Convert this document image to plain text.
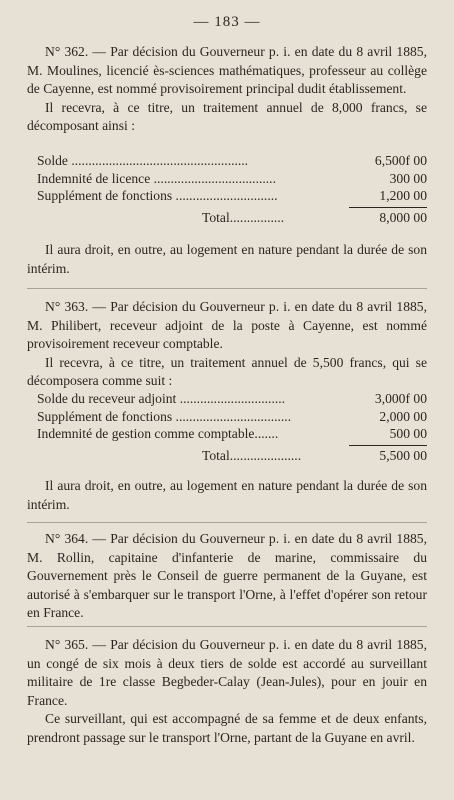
— 183 —

N° 362. — Par décision du Gouverneur p. i. en date du 8 avril 1885, M. Moulines, licencié ès-sciences mathématiques, professeur au collège de Cayenne, est nommé provisoirement principal dudit établissement.

Il recevra, à ce titre, un traitement annuel de 8,000 francs, se décomposant ainsi :

Solde ....................................................	6,500f 00
Indemnité de licence ....................................	300 00
Supplément de fonctions ..............................	1,200 00
Total................	8,000 00

Il aura droit, en outre, au logement en nature pendant la durée de son intérim.

N° 363. — Par décision du Gouverneur p. i. en date du 8 avril 1885, M. Philibert, receveur adjoint de la poste à Cayenne, est nommé provisoirement receveur comptable.

Il recevra, à ce titre, un traitement annuel de 5,500 francs, qui se décomposera comme suit :

Solde du receveur adjoint ...............................	3,000f 00
Supplément de fonctions ..................................	2,000 00
Indemnité de gestion comme comptable.......	500 00
Total.....................	5,500 00

Il aura droit, en outre, au logement en nature pendant la durée de son intérim.

N° 364. — Par décision du Gouverneur p. i. en date du 8 avril 1885, M. Rollin, capitaine d'infanterie de marine, commissaire du Gouvernement près le Conseil de guerre permanent de la Guyane, est autorisé à s'embarquer sur le transport l'Orne, à l'effet d'opérer son retour en France.

N° 365. — Par décision du Gouverneur p. i. en date du 8 avril 1885, un congé de six mois à deux tiers de solde est accordé au surveillant militaire de 1re classe Begbeder-Calay (Jean-Jules), pour en jouir en France.

Ce surveillant, qui est accompagné de sa femme et de deux enfants, prendront passage sur le transport l'Orne, partant de la Guyane en avril.
